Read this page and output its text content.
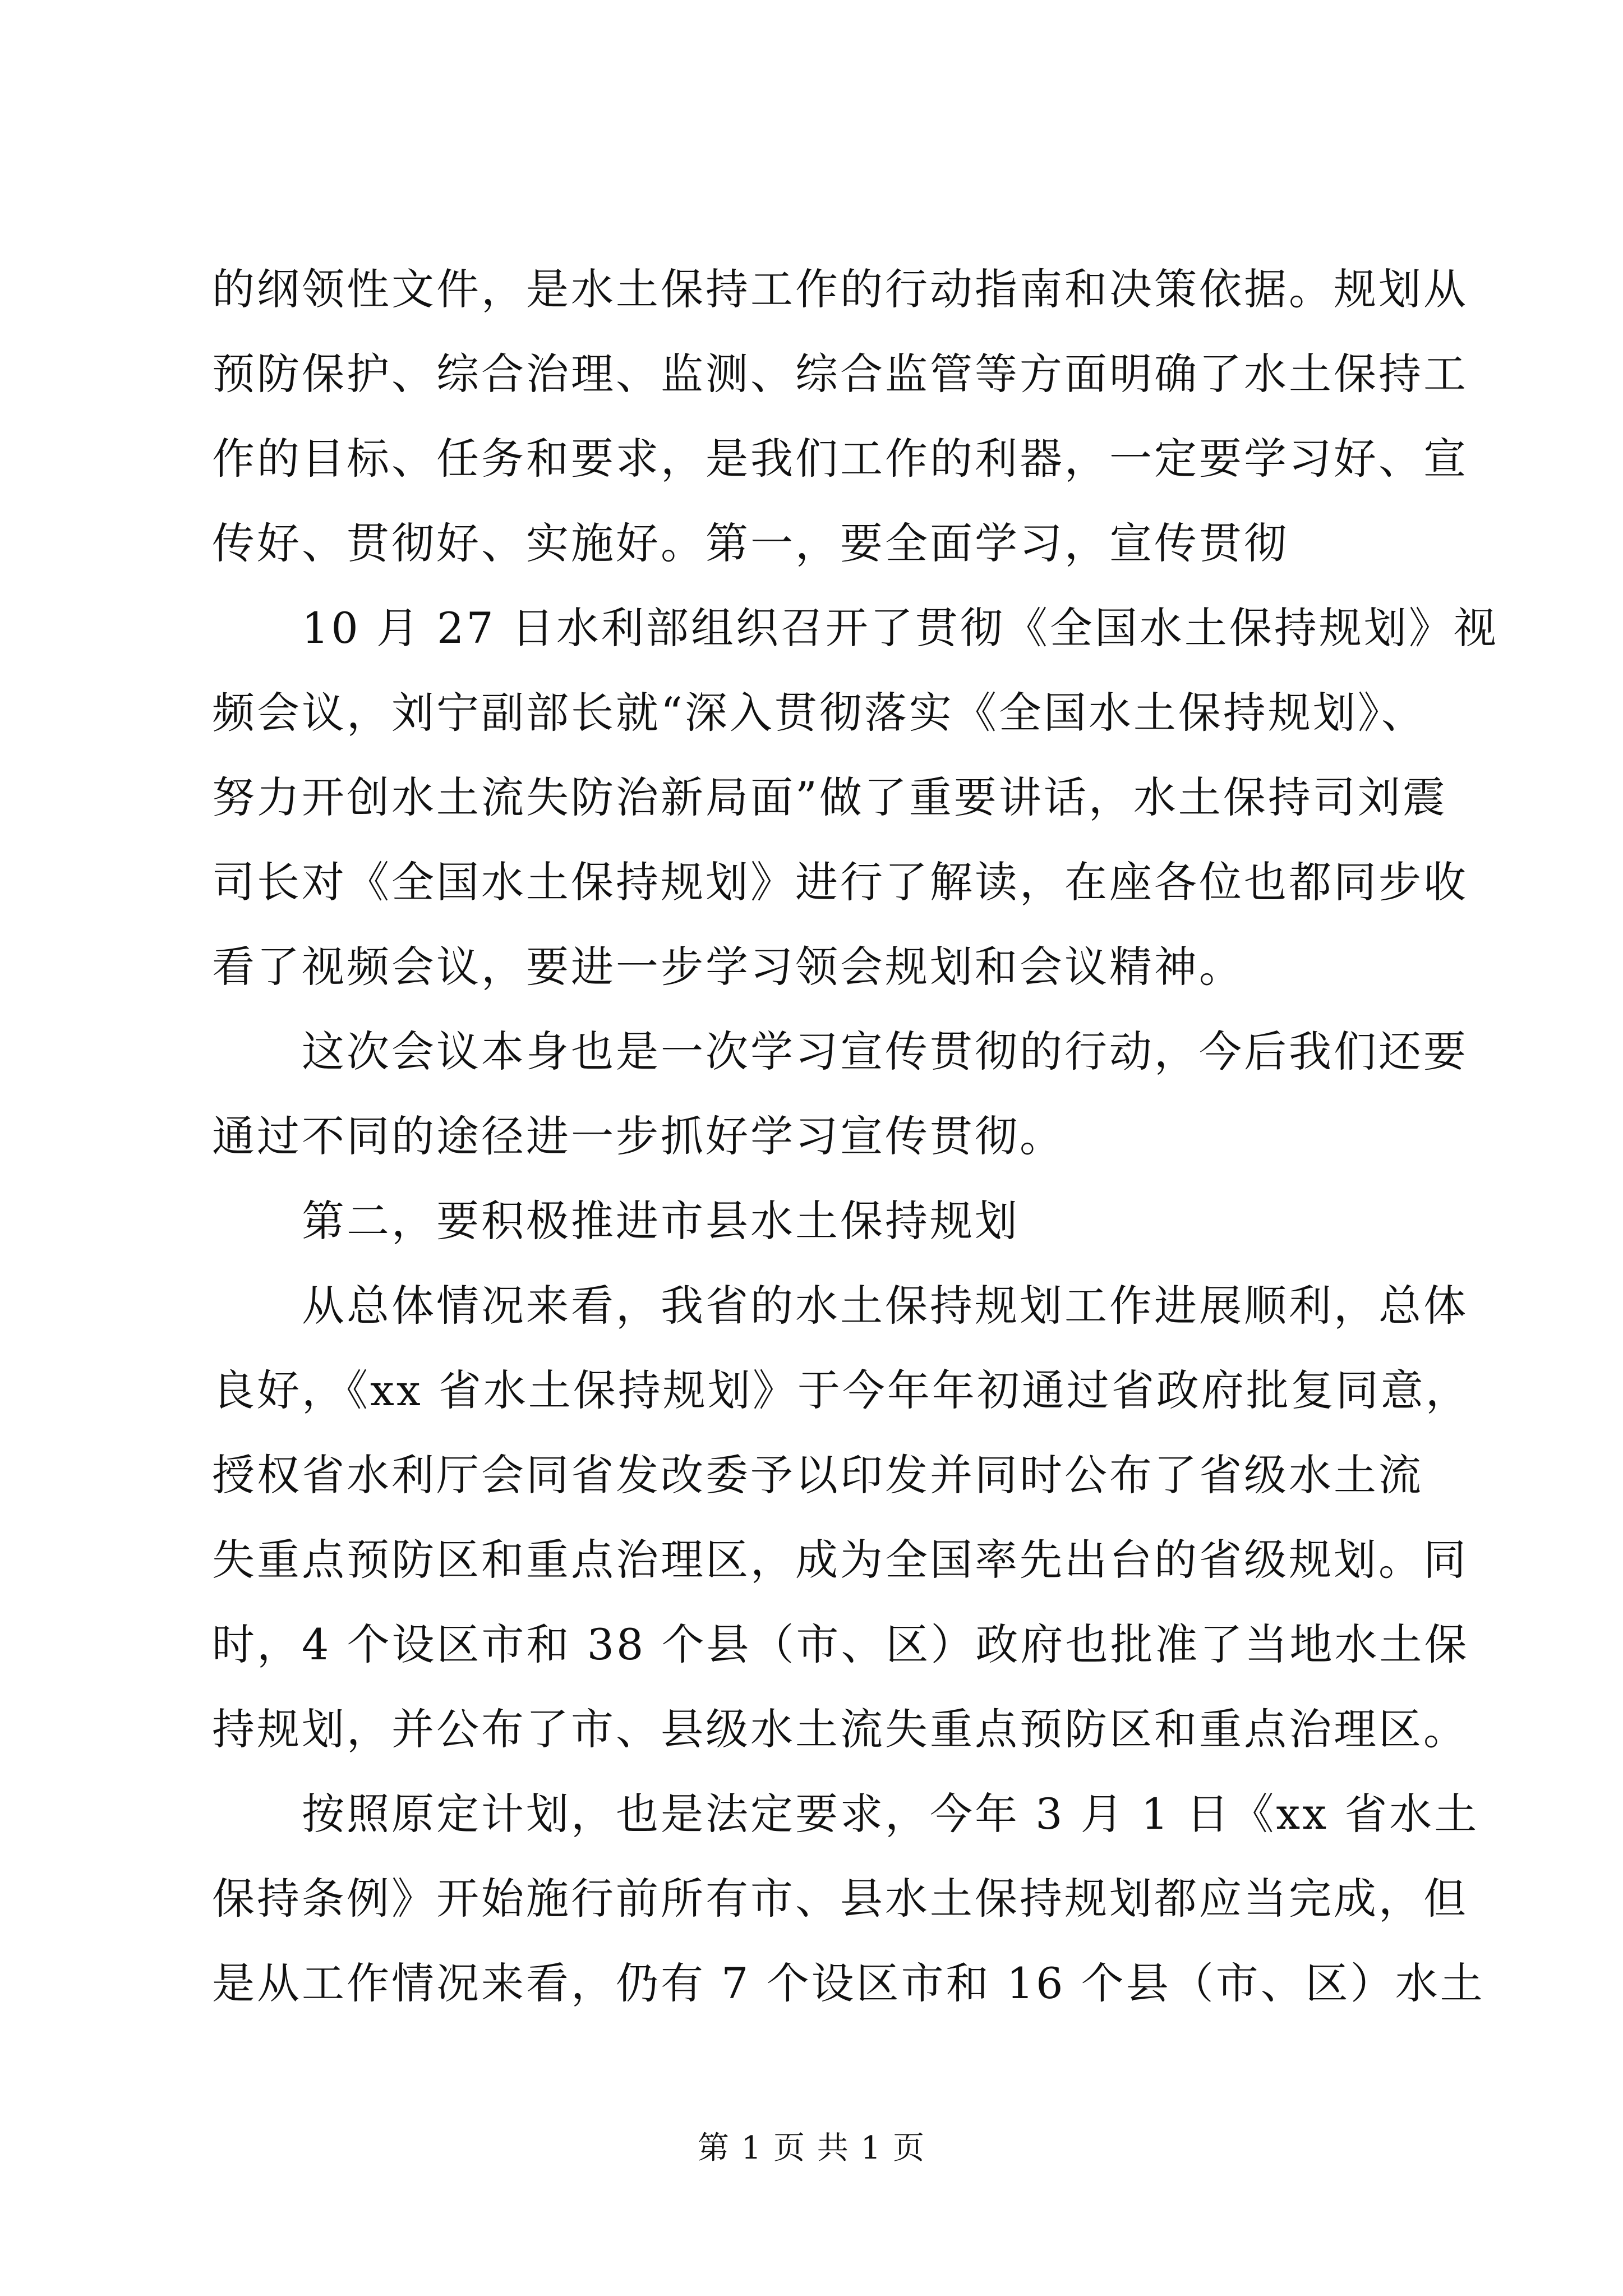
的纲领性文件，是水土保持工作的行动指南和决策依据。规划从
预防保护、综合治理、监测、综合监管等方面明确了水土保持工
作的目标、任务和要求，是我们工作的利器，一定要学习好、宣
传好、贯彻好、实施好。第一，要全面学习，宣传贯彻
10 月 27 日水利部组织召开了贯彻《全国水土保持规划》视
频会议，刘宁副部长就“深入贯彻落实《全国水土保持规划》、
努力开创水土流失防治新局面”做了重要讲话，水土保持司刘震
司长对《全国水土保持规划》进行了解读，在座各位也都同步收
看了视频会议，要进一步学习领会规划和会议精神。
这次会议本身也是一次学习宣传贯彻的行动，今后我们还要
通过不同的途径进一步抓好学习宣传贯彻。
第二，要积极推进市县水土保持规划
从总体情况来看，我省的水土保持规划工作进展顺利，总体
良好，《xx 省水土保持规划》于今年年初通过省政府批复同意，
授权省水利厅会同省发改委予以印发并同时公布了省级水土流
失重点预防区和重点治理区，成为全国率先出台的省级规划。同
时，4 个设区市和 38 个县（市、区）政府也批准了当地水土保
持规划，并公布了市、县级水土流失重点预防区和重点治理区。
按照原定计划，也是法定要求，今年 3 月 1 日《xx 省水土
保持条例》开始施行前所有市、县水土保持规划都应当完成，但
是从工作情况来看，仍有 7 个设区市和 16 个县（市、区）水土
第 1 页 共 1 页
